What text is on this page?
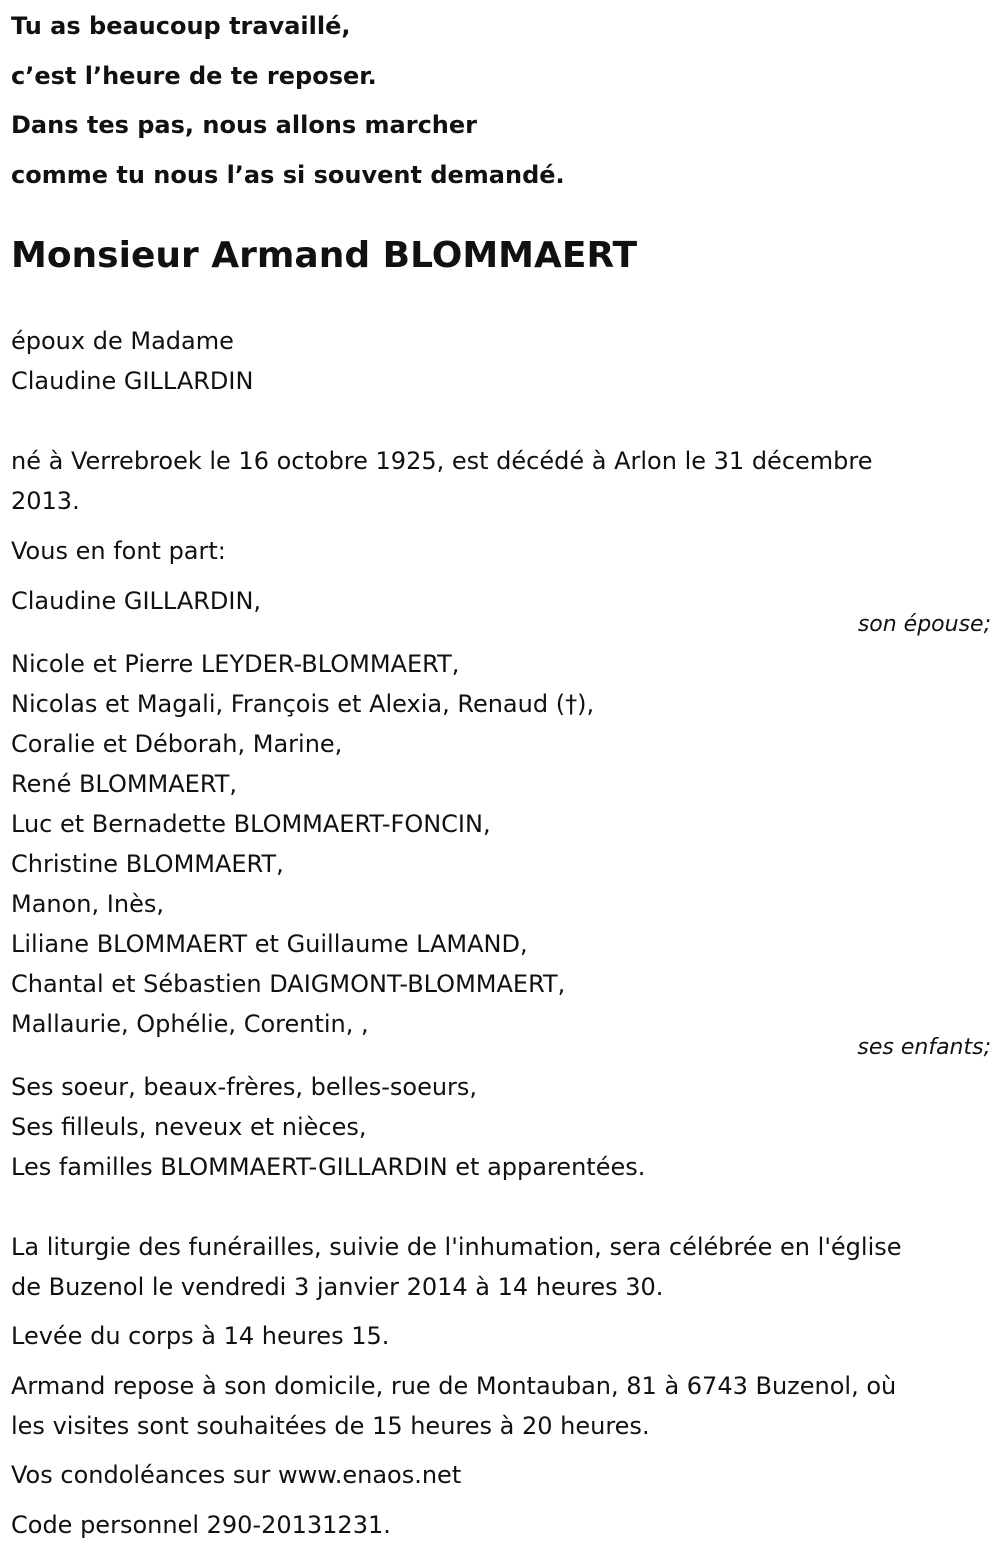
Tu as beaucoup travaillé,
c’est l’heure de te reposer.
Dans tes pas, nous allons marcher
comme tu nous l’as si souvent demandé.
Monsieur Armand BLOMMAERT
époux de Madame
Claudine GILLARDIN
né à Verrebroek le 16 octobre 1925, est décédé à Arlon le 31 décembre
2013.
Vous en font part:
Claudine GILLARDIN,
son épouse;
Nicole et Pierre LEYDER-BLOMMAERT,
Nicolas et Magali, François et Alexia, Renaud (†),
Coralie et Déborah, Marine,
René BLOMMAERT,
Luc et Bernadette BLOMMAERT-FONCIN,
Christine BLOMMAERT,
Manon, Inès,
Liliane BLOMMAERT et Guillaume LAMAND,
Chantal et Sébastien DAIGMONT-BLOMMAERT,
Mallaurie, Ophélie, Corentin, ,
ses enfants;
Ses soeur, beaux-frères, belles-soeurs,
Ses filleuls, neveux et nièces,
Les familles BLOMMAERT-GILLARDIN et apparentées.
La liturgie des funérailles, suivie de l'inhumation, sera célébrée en l'église
de Buzenol le vendredi 3 janvier 2014 à 14 heures 30.
Levée du corps à 14 heures 15.
Armand repose à son domicile, rue de Montauban, 81 à 6743 Buzenol, où
les visites sont souhaitées de 15 heures à 20 heures.
Vos condoléances sur www.enaos.net
Code personnel 290-20131231.
